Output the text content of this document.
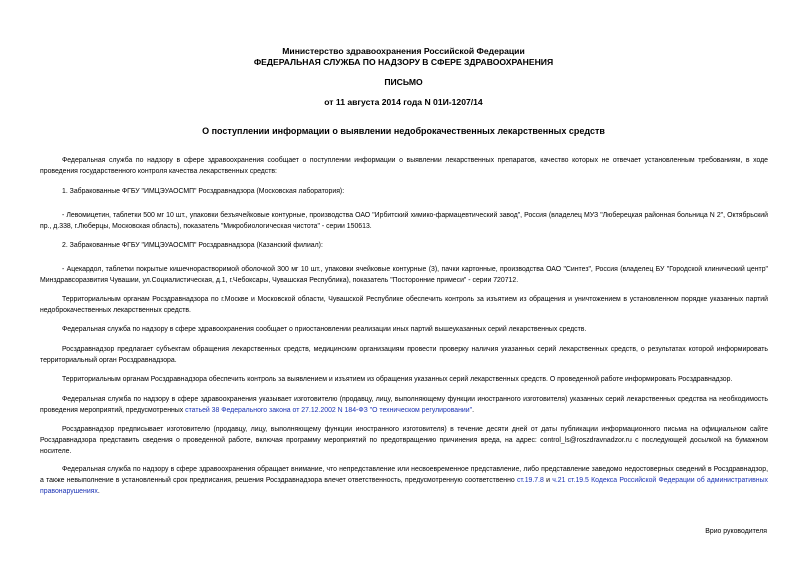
Министерство здравоохранения Российской Федерации
ФЕДЕРАЛЬНАЯ СЛУЖБА ПО НАДЗОРУ В СФЕРЕ ЗДРАВООХРАНЕНИЯ
ПИСЬМО
от 11 августа 2014 года N 01И-1207/14
О поступлении информации о выявлении недоброкачественных лекарственных средств
Федеральная служба по надзору в сфере здравоохранения сообщает о поступлении информации о выявлении лекарственных препаратов, качество которых не отвечает установленным требованиям, в ходе проведения государственного контроля качества лекарственных средств:
1. Забракованные ФГБУ "ИМЦЭУАОСМП" Росздравнадзора (Московская лаборатория):
- Левомицетин, таблетки 500 мг 10 шт., упаковки безъячейковые контурные, производства ОАО "Ирбитский химико-фармацевтический завод", Россия (владелец МУЗ "Люберецкая районная больница N 2", Октябрьский пр., д.338, г.Люберцы, Московская область), показатель "Микробиологическая чистота" - серии 150613.
2. Забракованные ФГБУ "ИМЦЭУАОСМП" Росздравнадзора (Казанский филиал):
- Ацекардол, таблетки покрытые кишечнорастворимой оболочкой 300 мг 10 шт., упаковки ячейковые контурные (3), пачки картонные, производства ОАО "Синтез", Россия (владелец БУ "Городской клинический центр" Минздравсоразвития Чувашии, ул.Социалистическая, д.1, г.Чебоксары, Чувашская Республика), показатель "Посторонние примеси" - серии 720712.
Территориальным органам Росздравнадзора по г.Москве и Московской области, Чувашской Республике обеспечить контроль за изъятием из обращения и уничтожением в установленном порядке указанных партий недоброкачественных лекарственных средств.
Федеральная служба по надзору в сфере здравоохранения сообщает о приостановлении реализации иных партий вышеуказанных серий лекарственных средств.
Росздравнадзор предлагает субъектам обращения лекарственных средств, медицинским организациям провести проверку наличия указанных серий лекарственных средств, о результатах которой информировать территориальный орган Росздравнадзора.
Территориальным органам Росздравнадзора обеспечить контроль за выявлением и изъятием из обращения указанных серий лекарственных средств. О проведенной работе информировать Росздравнадзор.
Федеральная служба по надзору в сфере здравоохранения указывает изготовителю (продавцу, лицу, выполняющему функции иностранного изготовителя) указанных серий лекарственных средства на необходимость проведения мероприятий, предусмотренных статьей 38 Федерального закона от 27.12.2002 N 184-ФЗ "О техническом регулировании".
Росздравнадзор предписывает изготовителю (продавцу, лицу, выполняющему функции иностранного изготовителя) в течение десяти дней от даты публикации информационного письма на официальном сайте Росздравнадзора представить сведения о проведенной работе, включая программу мероприятий по предотвращению причинения вреда, на адрес: control_ls@roszdravnadzor.ru с последующей досылкой на бумажном носителе.
Федеральная служба по надзору в сфере здравоохранения обращает внимание, что непредставление или несвоевременное представление, либо представление заведомо недостоверных сведений в Росздравнадзор, а также невыполнение в установленный срок предписания, решения Росздравнадзора влечет ответственность, предусмотренную соответственно ст.19.7.8 и ч.21 ст.19.5 Кодекса Российской Федерации об административных правонарушениях.
Врио руководителя
